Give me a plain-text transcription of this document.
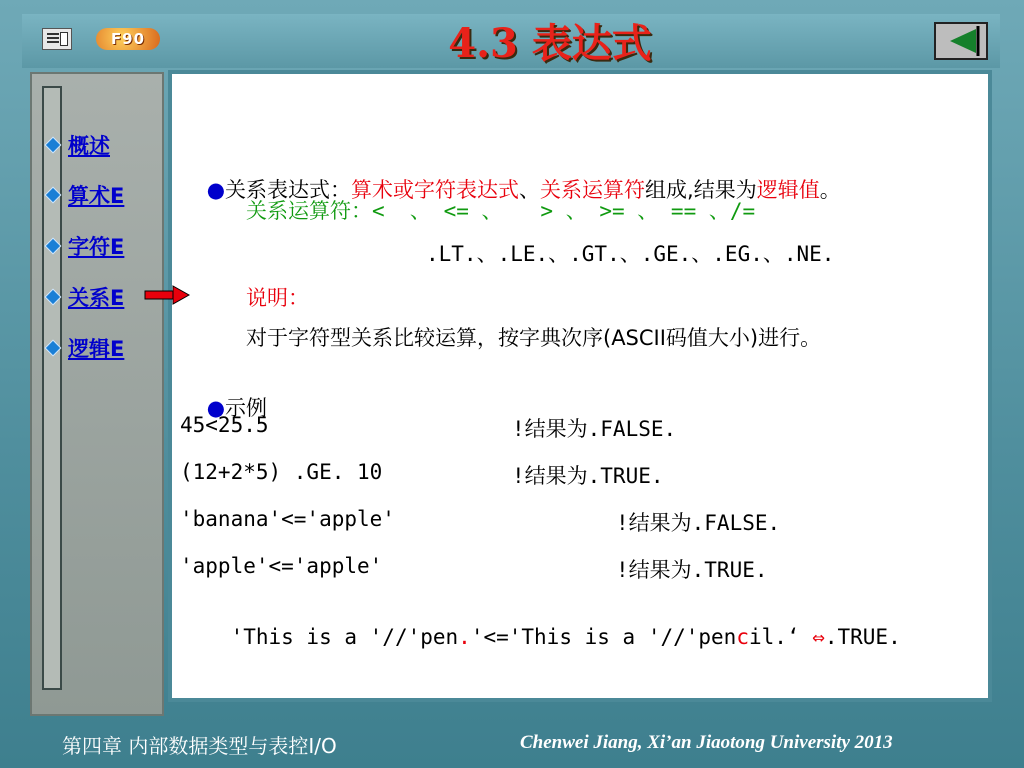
F90	4.3 表达式
概述
算术E
字符E
关系E
逻辑E

●关系表达式：算术或字符表达式、关系运算符组成,结果为逻辑值。

关系运算符：<  、 <= 、   > 、 >= 、 == 、/=
.LT.、.LE.、.GT.、.GE.、.EG.、.NE.
说明：
对于字符型关系比较运算，按字典次序(ASCII码值大小)进行。

●示例

45<25.5	!结果为.FALSE.
(12+2*5) .GE. 10	!结果为.TRUE.
'banana'<='apple'	!结果为.FALSE.
'apple'<='apple'	!结果为.TRUE.

'This is a '//'pen.'<='This is a '//'pencil.‘ ⇔.TRUE.

第四章 内部数据类型与表控I/O	Chenwei Jiang, Xi’an Jiaotong University 2013
